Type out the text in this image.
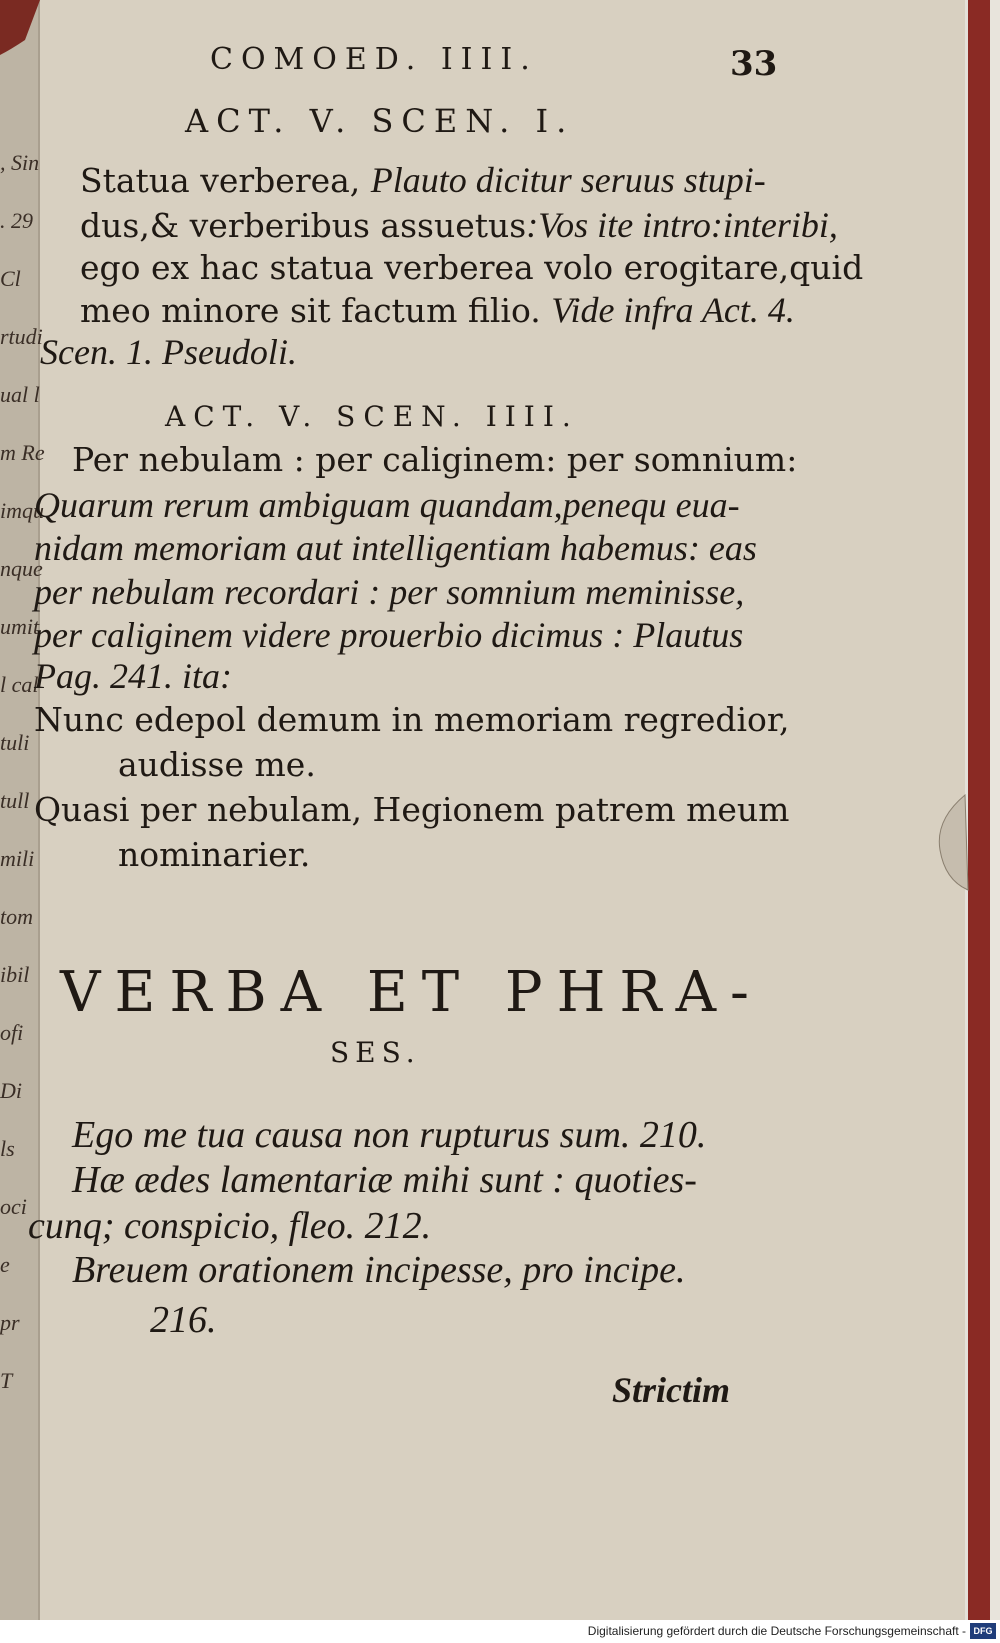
, Sin
. 29
Cl
rtudi
ual l
m Re
imqu
nque
umit
l cal
tuli
tull
mili
tom
ibil
ofi
Di
ls
oci
e
pr
T
COMOED. IIII.	33
ACT. V. SCEN. I.
Statua verberea, Plauto dicitur seruus stupi-
dus,& verberibus assuetus:Vos ite intro:interibi,
ego ex hac statua verberea volo erogitare,quid
meo minore sit factum filio. Vide infra Act. 4.
Scen. 1. Pseudoli.
ACT. V. SCEN. IIII.
Per nebulam : per caliginem: per somnium:
Quarum rerum ambiguam quandam,penequ eua-
nidam memoriam aut intelligentiam habemus: eas
per nebulam recordari : per somnium meminisse,
per caliginem videre prouerbio dicimus : Plautus
Pag. 241. ita:
Nunc edepol demum in memoriam regredior,
audisse me.
Quasi per nebulam, Hegionem patrem meum
nominarier.
VERBA ET PHRA-
SES.
Ego me tua causa non rupturus sum. 210.
Hæ ædes lamentariæ mihi sunt : quoties-
cunq; conspicio, fleo. 212.
Breuem orationem incipesse, pro incipe.
216.
Strictim
Digitalisierung gefördert durch die Deutsche Forschungsgemeinschaft - DFG
